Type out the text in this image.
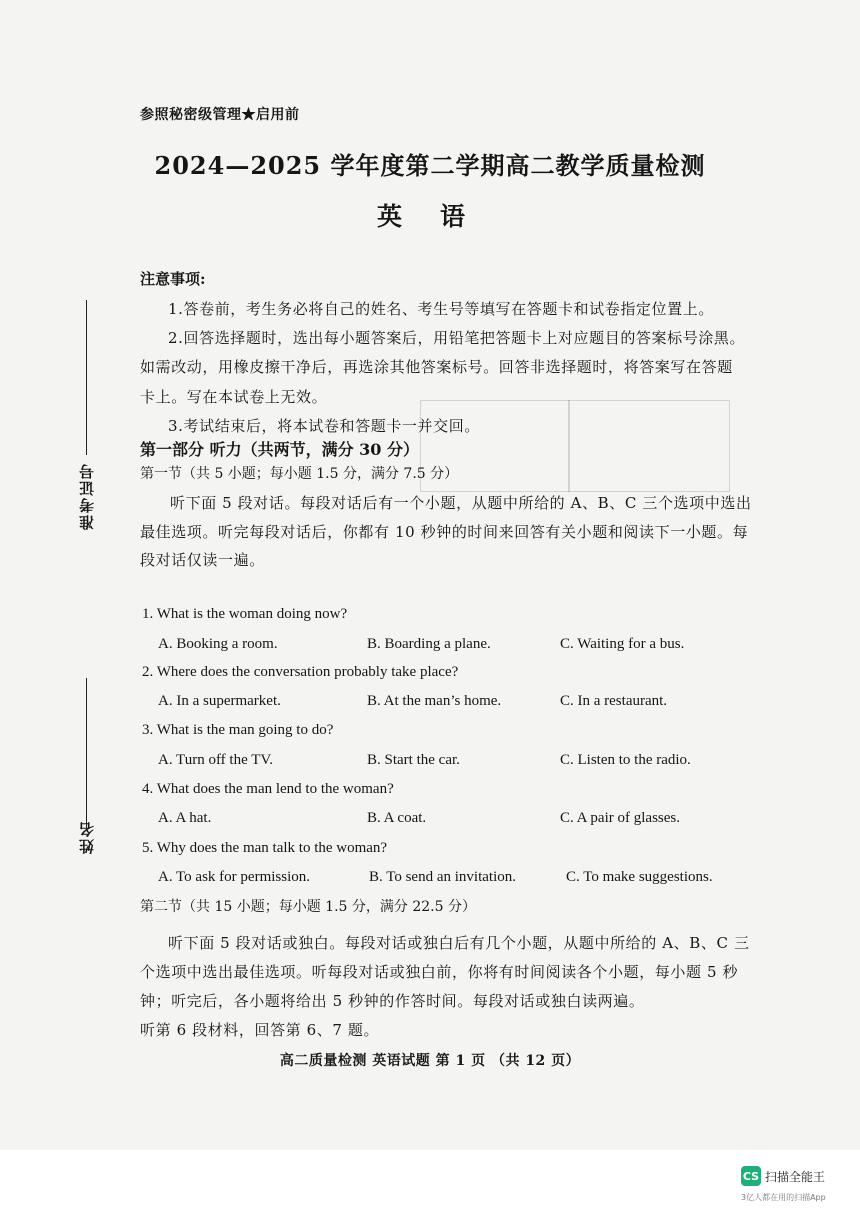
参照秘密级管理★启用前
2024—2025 学年度第二学期高二教学质量检测
英语
注意事项:
1.答卷前，考生务必将自己的姓名、考生号等填写在答题卡和试卷指定位置上。
2.回答选择题时，选出每小题答案后，用铅笔把答题卡上对应题目的答案标号涂黑。
如需改动，用橡皮擦干净后，再选涂其他答案标号。回答非选择题时，将答案写在答题
卡上。写在本试卷上无效。
3.考试结束后，将本试卷和答题卡一并交回。
第一部分 听力（共两节，满分 30 分）
第一节（共 5 小题；每小题 1.5 分，满分 7.5 分）
听下面 5 段对话。每段对话后有一个小题，从题中所给的 A、B、C 三个选项中选出
最佳选项。听完每段对话后，你都有 10 秒钟的时间来回答有关小题和阅读下一小题。每
段对话仅读一遍。
1. What is the woman doing now?
A. Booking a room.	B. Boarding a plane.	C. Waiting for a bus.
2. Where does the conversation probably take place?
A. In a supermarket.	B. At the man’s home.	C. In a restaurant.
3. What is the man going to do?
A. Turn off the TV.	B. Start the car.	C. Listen to the radio.
4. What does the man lend to the woman?
A. A hat.	B. A coat.	C. A pair of glasses.
5. Why does the man talk to the woman?
A. To ask for permission.	B. To send an invitation.	C. To make suggestions.
第二节（共 15 小题；每小题 1.5 分，满分 22.5 分）
听下面 5 段对话或独白。每段对话或独白后有几个小题，从题中所给的 A、B、C 三
个选项中选出最佳选项。听每段对话或独白前，你将有时间阅读各个小题，每小题 5 秒
钟；听完后，各小题将给出 5 秒钟的作答时间。每段对话或独白读两遍。
听第 6 段材料，回答第 6、7 题。
高二质量检测 英语试题 第 1 页 （共 12 页）
准考证号
姓名
CS 扫描全能王
3亿人都在用的扫描App
